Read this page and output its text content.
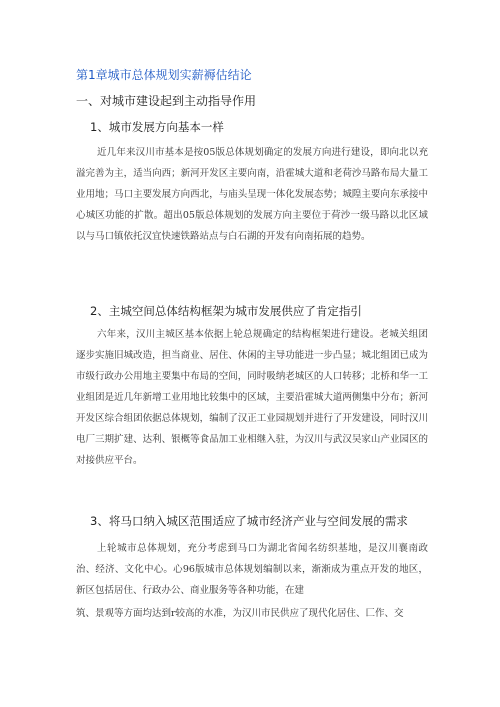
第1章城市总体规划实薪褥估结论
一、对城市建设起到主动指导作用
1、城市发展方向基本一样
近几年来汉川市基本是按05版总体规划确定的发展方向进行建设，即向北以充溢完善为主，适当向西；新河开发区主要向南，沿霍城大道和老荷沙马路布局大量工业用地；马口主要发展方向西北，与庙头呈现一体化发展态势；城隍主要向东承接中心城区功能的扩散。超出05版总体规划的发展方向主要位于荷沙一级马路以北区域以与马口镇依托汉宜快速铁路站点与白石湖的开发有向南拓展的趋势。
2、主城空间总体结构框架为城市发展供应了肯定指引
六年来，汉川主城区基本依据上轮总规确定的结构框架进行建设。老城关组团逐步实施旧城改造，担当商业、居住、休闲的主导功能进一步凸显；城北组团已成为市级行政办公用地主要集中布局的空间，同时吸纳老城区的人口转移；北桥和华一工业组团是近几年新增工业用地比较集中的区域，主要沿霍城大道两侧集中分布；新河开发区综合组团依据总体规划，编制了汉正工业园规划并进行了开发建设，同时汉川电厂三期扩建、达利、银概等食品加工业相继入驻，为汉川与武汉吴家山产业园区的对接供应平台。
3、将马口纳入城区范围适应了城市经济产业与空间发展的需求
上轮城市总体规划，充分考虑到马口为湖北省闻名纺织基地，是汉川襄南政治、经济、文化中心。心96版城市总体规划编制以来，渐渐成为重点开发的地区，新区包括居住、行政办公、商业服务等各种功能，在建
筑、景观等方面均达到r较高的水准，为汉川市民供应了现代化居住、匚作、交
